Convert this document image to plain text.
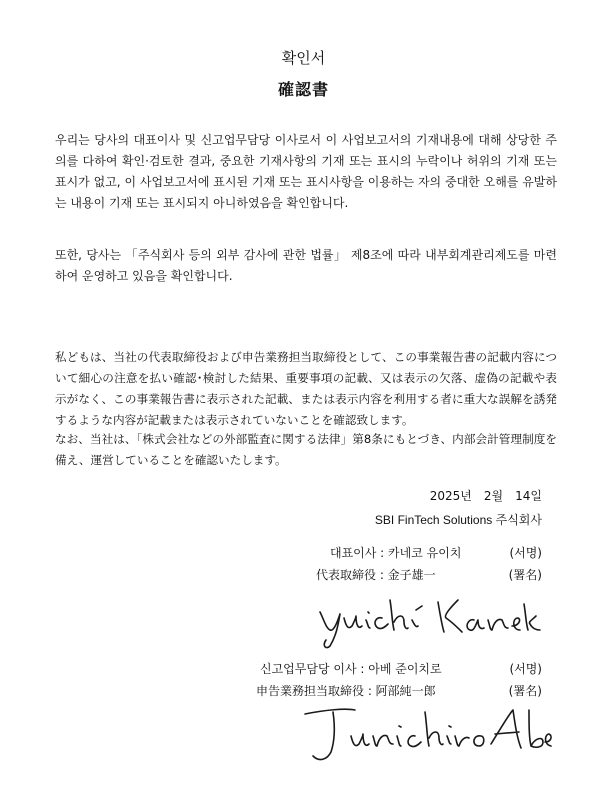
확인서
確認書

우리는 당사의 대표이사 및 신고업무담당 이사로서 이 사업보고서의 기재내용에 대해 상당한 주의를 다하여 확인·검토한 결과, 중요한 기재사항의 기재 또는 표시의 누락이나 허위의 기재 또는 표시가 없고, 이 사업보고서에 표시된 기재 또는 표시사항을 이용하는 자의 중대한 오해를 유발하는 내용이 기재 또는 표시되지 아니하였음을 확인합니다.

또한, 당사는 「주식회사 등의 외부 감사에 관한 법률」 제8조에 따라 내부회계관리제도를 마련하여 운영하고 있음을 확인합니다.

私どもは、当社の代表取締役および申告業務担当取締役として、この事業報告書の記載内容について細心の注意を払い確認･検討した結果、重要事項の記載、又は表示の欠落、虚偽の記載や表示がなく、この事業報告書に表示された記載、または表示内容を利用する者に重大な誤解を誘発するような内容が記載または表示されていないことを確認致します。

なお、当社は、「株式会社などの外部監査に関する法律」第8条にもとづき、内部会計管理制度を備え、運営していることを確認いたします。

2025년　2월　14일
SBI FinTech Solutions 주식회사
대표이사 : 카네코 유이치	(서명)
代表取締役 : 金子雄一	(署名)
신고업무담당 이사 : 아베 준이치로	(서명)
申告業務担当取締役 : 阿部純一郎	(署名)
